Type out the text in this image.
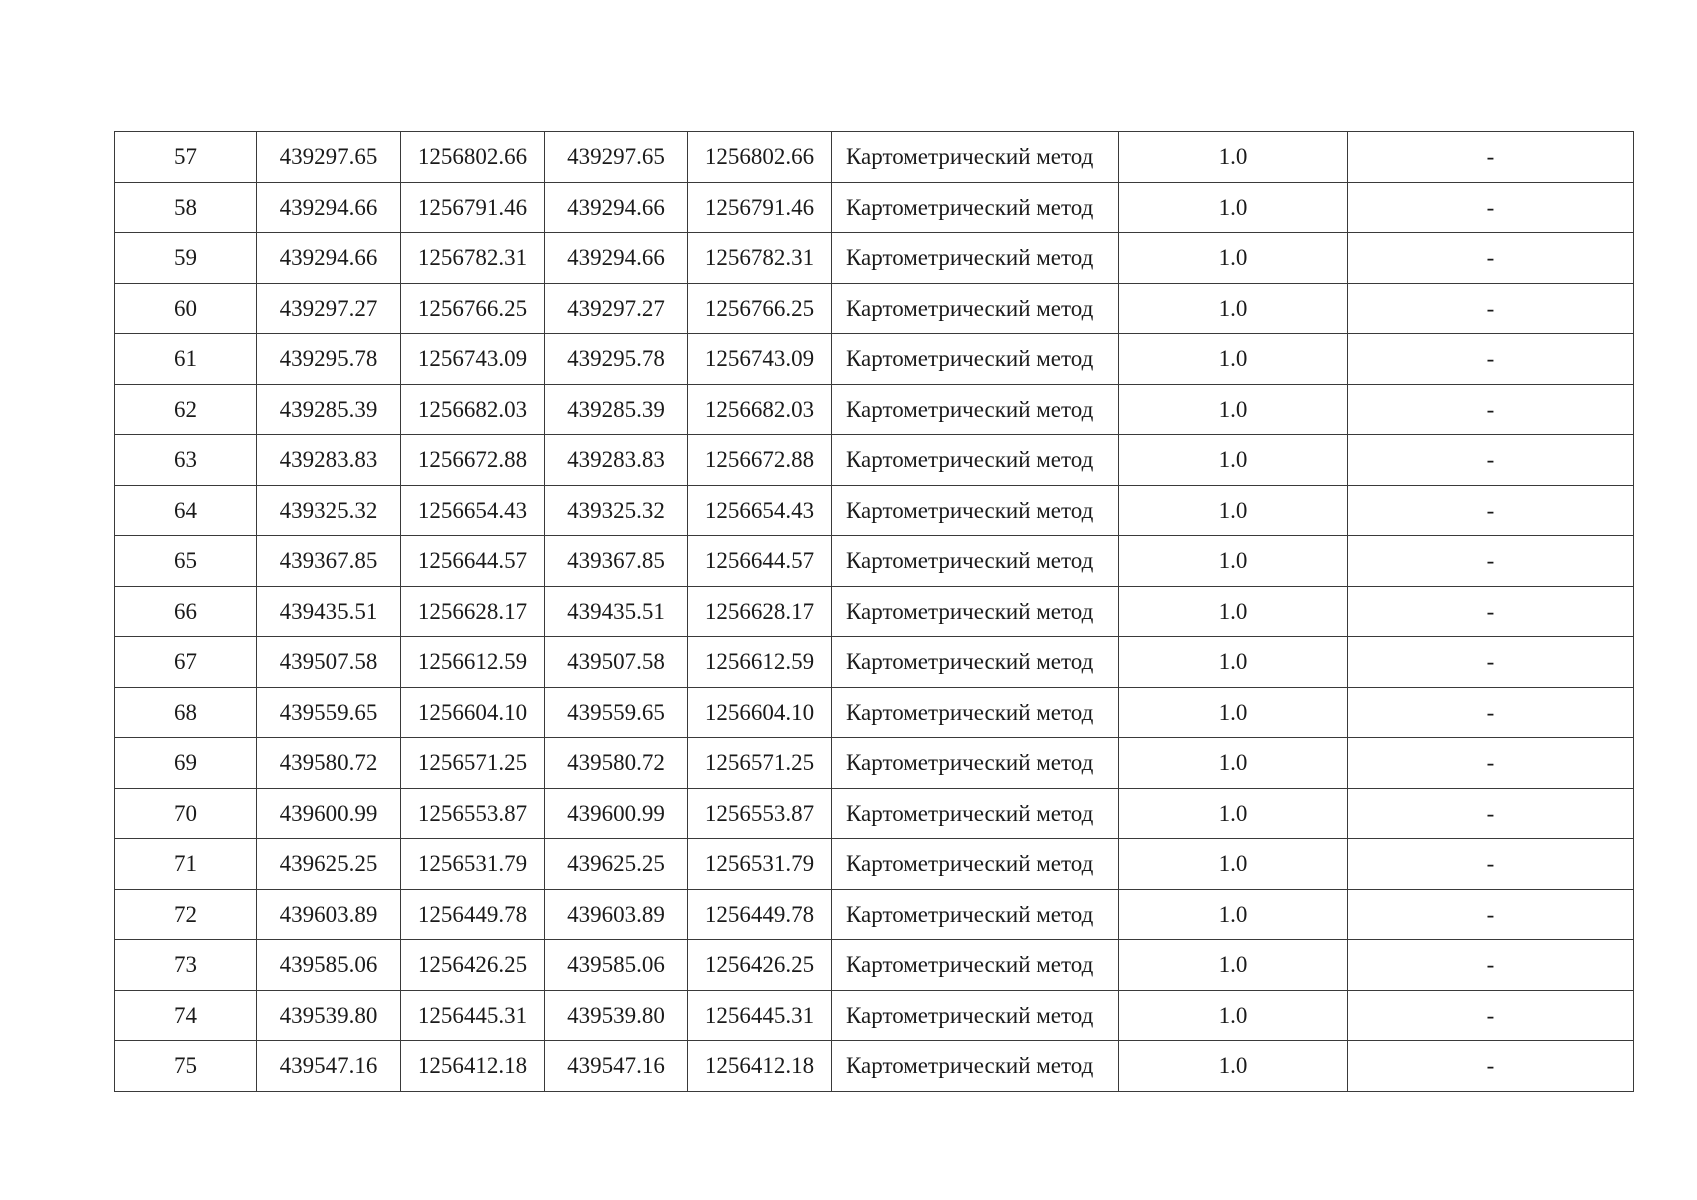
57	439297.65	1256802.66	439297.65	1256802.66	Картометрический метод	1.0	-
58	439294.66	1256791.46	439294.66	1256791.46	Картометрический метод	1.0	-
59	439294.66	1256782.31	439294.66	1256782.31	Картометрический метод	1.0	-
60	439297.27	1256766.25	439297.27	1256766.25	Картометрический метод	1.0	-
61	439295.78	1256743.09	439295.78	1256743.09	Картометрический метод	1.0	-
62	439285.39	1256682.03	439285.39	1256682.03	Картометрический метод	1.0	-
63	439283.83	1256672.88	439283.83	1256672.88	Картометрический метод	1.0	-
64	439325.32	1256654.43	439325.32	1256654.43	Картометрический метод	1.0	-
65	439367.85	1256644.57	439367.85	1256644.57	Картометрический метод	1.0	-
66	439435.51	1256628.17	439435.51	1256628.17	Картометрический метод	1.0	-
67	439507.58	1256612.59	439507.58	1256612.59	Картометрический метод	1.0	-
68	439559.65	1256604.10	439559.65	1256604.10	Картометрический метод	1.0	-
69	439580.72	1256571.25	439580.72	1256571.25	Картометрический метод	1.0	-
70	439600.99	1256553.87	439600.99	1256553.87	Картометрический метод	1.0	-
71	439625.25	1256531.79	439625.25	1256531.79	Картометрический метод	1.0	-
72	439603.89	1256449.78	439603.89	1256449.78	Картометрический метод	1.0	-
73	439585.06	1256426.25	439585.06	1256426.25	Картометрический метод	1.0	-
74	439539.80	1256445.31	439539.80	1256445.31	Картометрический метод	1.0	-
75	439547.16	1256412.18	439547.16	1256412.18	Картометрический метод	1.0	-
